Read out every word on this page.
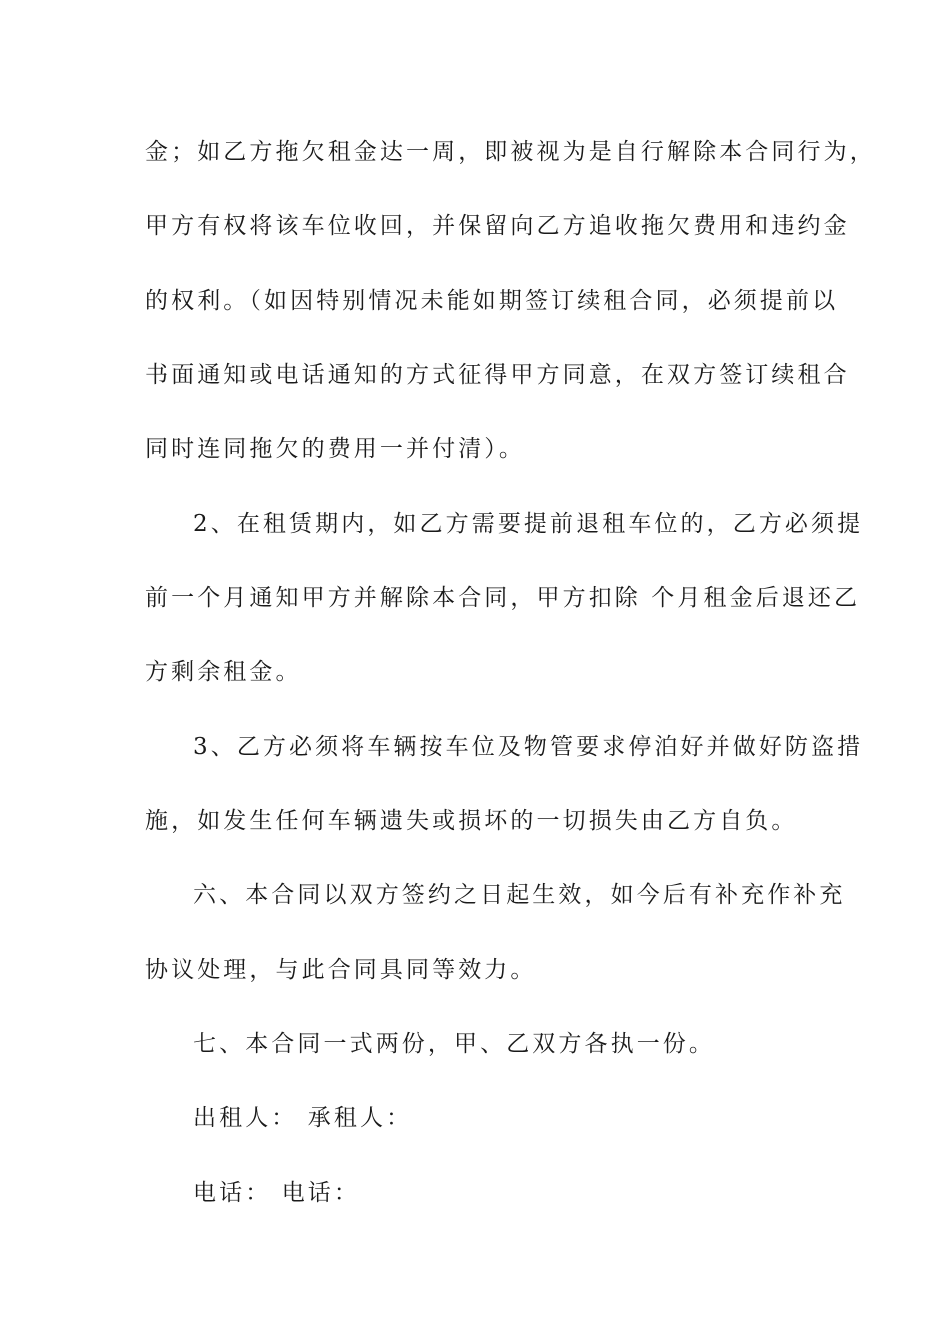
金；如乙方拖欠租金达一周，即被视为是自行解除本合同行为，
甲方有权将该车位收回，并保留向乙方追收拖欠费用和违约金
的权利。（如因特别情况未能如期签订续租合同，必须提前以
书面通知或电话通知的方式征得甲方同意，在双方签订续租合
同时连同拖欠的费用一并付清）。
2、在租赁期内，如乙方需要提前退租车位的，乙方必须提
前一个月通知甲方并解除本合同，甲方扣除 个月租金后退还乙
方剩余租金。
3、乙方必须将车辆按车位及物管要求停泊好并做好防盗措
施，如发生任何车辆遗失或损坏的一切损失由乙方自负。
六、本合同以双方签约之日起生效，如今后有补充作补充
协议处理，与此合同具同等效力。
七、本合同一式两份，甲、乙双方各执一份。
出租人： 承租人：
电话： 电话：
